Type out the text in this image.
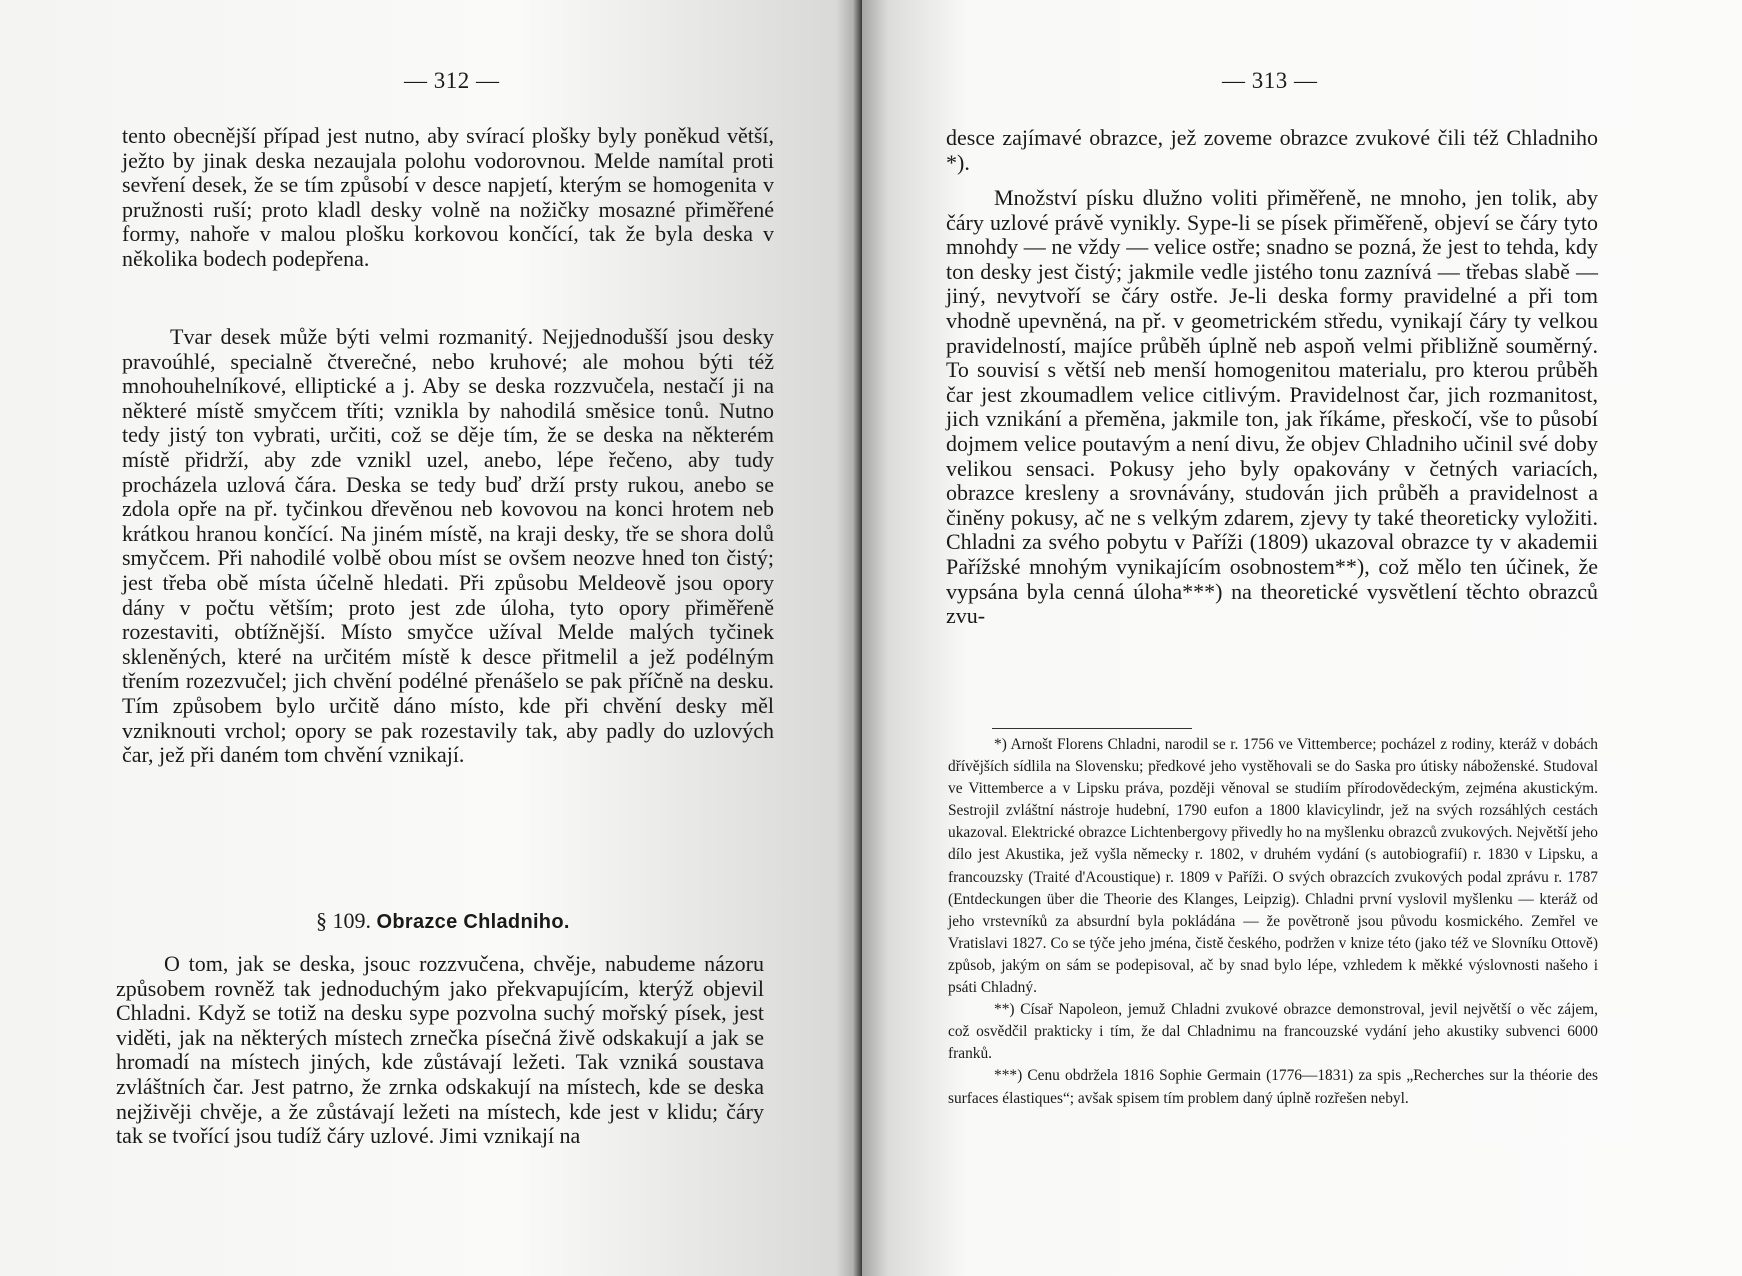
— 312 —

tento obecnější případ jest nutno, aby svírací plošky byly poněkud větší, ježto by jinak deska nezaujala polohu vodorovnou. Melde namítal proti sevření desek, že se tím způsobí v desce napjetí, kterým se homogenita v pružnosti ruší; proto kladl desky volně na nožičky mosazné přiměřené formy, nahoře v malou plošku korkovou končící, tak že byla deska v několika bodech podepřena.

Tvar desek může býti velmi rozmanitý. Nejjednodušší jsou desky pravoúhlé, specialně čtverečné, nebo kruhové; ale mohou býti též mnohouhelníkové, elliptické a j. Aby se deska rozzvučela, nestačí ji na některé místě smyčcem tříti; vznikla by nahodilá směsice tonů. Nutno tedy jistý ton vybrati, určiti, což se děje tím, že se deska na některém místě přidrží, aby zde vznikl uzel, anebo, lépe řečeno, aby tudy procházela uzlová čára. Deska se tedy buď drží prsty rukou, anebo se zdola opře na př. tyčinkou dřevěnou neb kovovou na konci hrotem neb krátkou hranou končící. Na jiném místě, na kraji desky, tře se shora dolů smyčcem. Při nahodilé volbě obou míst se ovšem neozve hned ton čistý; jest třeba obě místa účelně hledati. Při způsobu Meldeově jsou opory dány v počtu větším; proto jest zde úloha, tyto opory přiměřeně rozestaviti, obtížnější. Místo smyčce užíval Melde malých tyčinek skleněných, které na určitém místě k desce přitmelil a jež podélným třením rozezvučel; jich chvění podélné přenášelo se pak příčně na desku. Tím způsobem bylo určitě dáno místo, kde při chvění desky měl vzniknouti vrchol; opory se pak rozestavily tak, aby padly do uzlových čar, jež při daném tom chvění vznikají.

§ 109. Obrazce Chladniho.

O tom, jak se deska, jsouc rozzvučena, chvěje, nabudeme názoru způsobem rovněž tak jednoduchým jako překvapujícím, kterýž objevil Chladni. Když se totiž na desku sype pozvolna suchý mořský písek, jest viděti, jak na některých místech zrnečka písečná živě odskakují a jak se hromadí na místech jiných, kde zůstávají ležeti. Tak vzniká soustava zvláštních čar. Jest patrno, že zrnka odskakují na místech, kde se deska nejživěji chvěje, a že zůstávají ležeti na místech, kde jest v klidu; čáry tak se tvořící jsou tudíž čáry uzlové. Jimi vznikají na

— 313 —

desce zajímavé obrazce, jež zoveme obrazce zvukové čili též Chladniho *).

Množství písku dlužno voliti přiměřeně, ne mnoho, jen tolik, aby čáry uzlové právě vynikly. Sype-li se písek přiměřeně, objeví se čáry tyto mnohdy — ne vždy — velice ostře; snadno se pozná, že jest to tehda, kdy ton desky jest čistý; jakmile vedle jistého tonu zaznívá — třebas slabě — jiný, nevytvoří se čáry ostře. Je-li deska formy pravidelné a při tom vhodně upevněná, na př. v geometrickém středu, vynikají čáry ty velkou pravidelností, majíce průběh úplně neb aspoň velmi přibližně souměrný. To souvisí s větší neb menší homogenitou materialu, pro kterou průběh čar jest zkoumadlem velice citlivým. Pravidelnost čar, jich rozmanitost, jich vznikání a přeměna, jakmile ton, jak říkáme, přeskočí, vše to působí dojmem velice poutavým a není divu, že objev Chladniho učinil své doby velikou sensaci. Pokusy jeho byly opakovány v četných variacích, obrazce kresleny a srovnávány, studován jich průběh a pravidelnost a činěny pokusy, ač ne s velkým zdarem, zjevy ty také theoreticky vyložiti. Chladni za svého pobytu v Paříži (1809) ukazoval obrazce ty v akademii Pařížské mnohým vynikajícím osobnostem**), což mělo ten účinek, že vypsána byla cenná úloha***) na theoretické vysvětlení těchto obrazců zvu-

*) Arnošt Florens Chladni, narodil se r. 1756 ve Vittemberce; pocházel z rodiny, kteráž v dobách dřívějších sídlila na Slovensku; předkové jeho vystěhovali se do Saska pro útisky náboženské. Studoval ve Vittemberce a v Lipsku práva, později věnoval se studiím přírodovědeckým, zejména akustickým. Sestrojil zvláštní nástroje hudební, 1790 eufon a 1800 klavicylindr, jež na svých rozsáhlých cestách ukazoval. Elektrické obrazce Lichtenbergovy přivedly ho na myšlenku obrazců zvukových. Největší jeho dílo jest Akustika, jež vyšla německy r. 1802, v druhém vydání (s autobiografií) r. 1830 v Lipsku, a francouzsky (Traité d'Acoustique) r. 1809 v Paříži. O svých obrazcích zvukových podal zprávu r. 1787 (Entdeckungen über die Theorie des Klanges, Leipzig). Chladni první vyslovil myšlenku — kteráž od jeho vrstevníků za absurdní byla pokládána — že povětroně jsou původu kosmického. Zemřel ve Vratislavi 1827. Co se týče jeho jména, čistě českého, podržen v knize této (jako též ve Slovníku Ottově) způsob, jakým on sám se podepisoval, ač by snad bylo lépe, vzhledem k měkké výslovnosti našeho i psáti Chladný.

**) Císař Napoleon, jemuž Chladni zvukové obrazce demonstroval, jevil největší o věc zájem, což osvědčil prakticky i tím, že dal Chladnimu na francouzské vydání jeho akustiky subvenci 6000 franků.

***) Cenu obdržela 1816 Sophie Germain (1776—1831) za spis „Recherches sur la théorie des surfaces élastiques“; avšak spisem tím problem daný úplně rozřešen nebyl.
